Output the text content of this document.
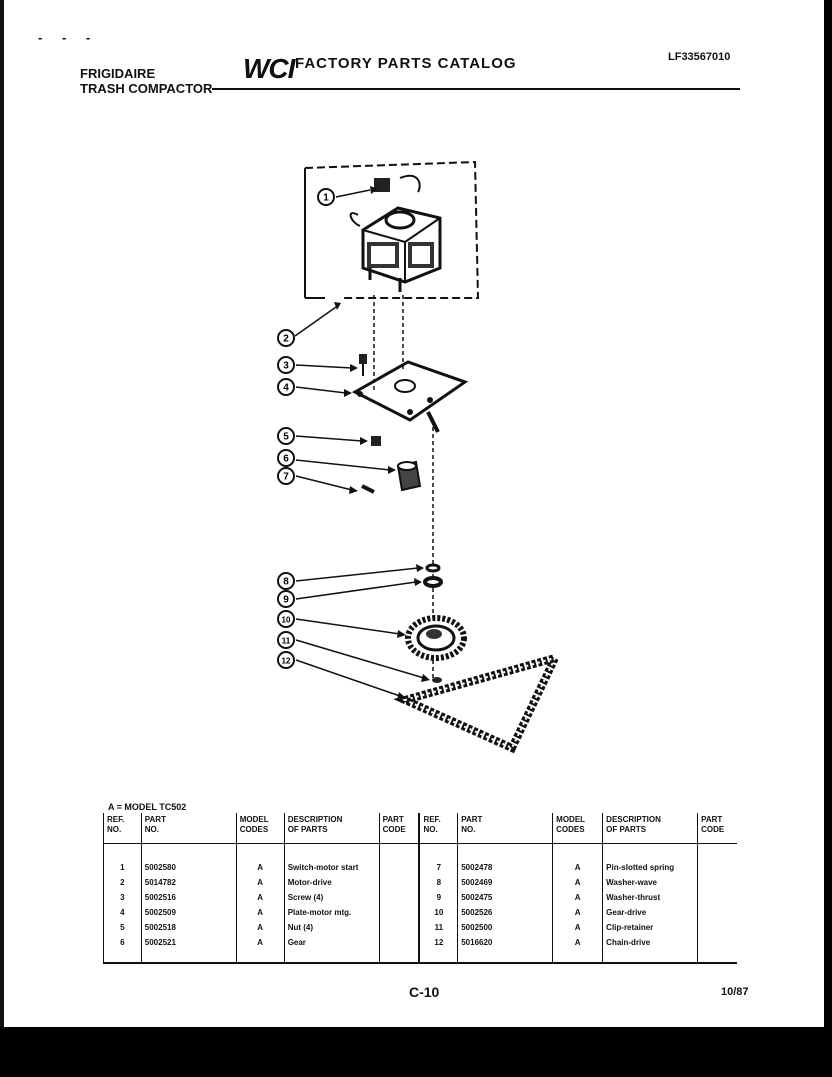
- - -
FRIGIDAIRE
TRASH COMPACTOR
WCI FACTORY PARTS CATALOG	LF33567010
1
2
3
4
5
6
7
8
9
10
11
12
A = MODEL TC502
REF.
NO.	PART
NO.	MODEL
CODES	DESCRIPTION
OF PARTS	PART
CODE	REF.
NO.	PART
NO.	MODEL
CODES	DESCRIPTION
OF PARTS	PART
CODE

1	5002580	A	Switch-motor start		7	5002478	A	Pin-slotted spring	
2	5014782	A	Motor-drive		8	5002469	A	Washer-wave	
3	5002516	A	Screw (4)		9	5002475	A	Washer-thrust	
4	5002509	A	Plate-motor mtg.		10	5002526	A	Gear-drive	
5	5002518	A	Nut (4)		11	5002500	A	Clip-retainer	
6	5002521	A	Gear		12	5016620	A	Chain-drive	

C-10	10/87
